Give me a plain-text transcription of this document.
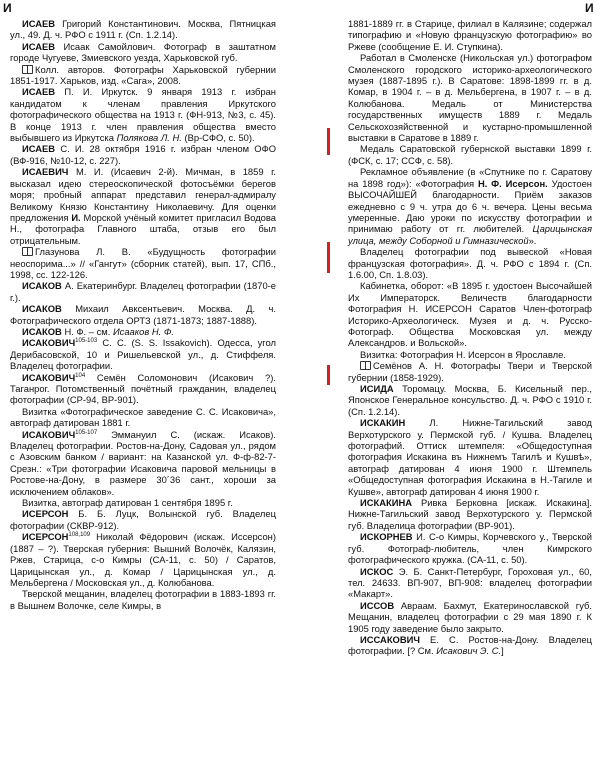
И	И

ИСАЕВ Григорий Константинович. Москва, Пятницкая ул., 49. Д. ч. РФО с 1911 г. (Сп. 1.2.14).

ИСАЕВ Исаак Самойлович. Фотограф в заштатном городе Чугуеве, Змиевского уезда, Харьковской губ.

Колл. авторов. Фотографы Харьковской губернии 1851-1917. Харьков, изд. «Сага», 2008.

ИСАЕВ П. И. Иркутск. 9 января 1913 г. избран кандидатом к членам правления Иркутского фотографического общества на 1913 г. (ФН-913, №3, с. 45). В конце 1913 г. член правления общества вместо выбывшего из Иркутска Полякова Л. Н. (Вр-СФО, с. 50).

ИСАЕВ С. И. 28 октября 1916 г. избран членом ОФО (ВФ-916, №10-12, с. 227).

ИСАЕВИЧ М. И. (Исаевич 2-й). Мичман, в 1859 г. высказал идею стереоскопической фотосъёмки берегов моря; пробный аппарат представил генерал-адмиралу Великому Князю Константину Николаевичу. Для оценки предложения И. Морской учёный комитет пригласил Водова Н., фотографа Главного штаба, отзыв его был отрицательным.

Глазунова Л. В. «Будущность фотографии неоспорима...» // «Гангут» (сборник статей), вып. 17, СПб., 1998, сс. 122-126.

ИСАКОВ А. Екатеринбург. Владелец фотографии (1870-е г.).

ИСАКОВ Михаил Авксентьевич. Москва. Д. ч. Фотографического отдела ОРТЗ (1871-1873; 1887-1888).

ИСАКОВ Н. Ф. – см. Исааков Н. Ф.

ИСАКОВИЧ$^{105-103}$ С. С. (S. S. Issakovich). Одесса, угол Дерибасовской, 10 и Ришельевской ул., д. Стиффеля. Владелец фотографии.

ИСАКОВИЧ$^{104}$ Семён Соломонович (Исакович ?). Таганрог. Потомственный почётный гражданин, владелец фотографии (СР-94, ВР-901).

Визитка «Фотографическое заведение С. С. Исаковича», автограф датирован 1881 г.

ИСАКОВИЧ$^{105-107}$ Эммануил С. (искаж. Исаков). Владелец фотографии. Ростов-на-Дону, Садовая ул., рядом с Азовским банком / вариант: на Казанской ул. Ф-ф-82-7-Срезн.: «Три фотографии Исаковича паровой мельницы в Ростове-на-Дону, в размере 30´36 сант., хороши за исключением облаков».

Визитка, автограф датирован 1 сентября 1895 г.

ИСЕРСОН Б. Б. Луцк, Волынской губ. Владелец фотографии (СКВР-912).

ИСЕРСОН$^{108,109}$ Николай Фёдорович (искаж. Иссерсон) (1887 – ?). Тверская губерния: Вышний Волочёк, Калязин, Ржев, Старица, с-о Кимры (СА-11, с. 50) / Саратов, Царицынская ул., д. Комар / Царицынская ул., д. Мельбергена / Московская ул., д. Колюбанова.

Тверской мещанин, владелец фотографии в 1883-1893 гг. в Вышнем Волочке, селе Кимры, в

1881-1889 гг. в Старице, филиал в Калязине; содержал типографию и «Новую французскую фотографию» во Ржеве (сообщение Е. И. Ступкина).

Работал в Смоленске (Никольская ул.) фотографом Смоленского городского историко-археологического музея (1887-1895 г.). В Саратове: 1898-1899 гг. в д. Комар, в 1904 г. – в д. Мельбергена, в 1907 г. – в д. Колюбанова. Медаль от Министерства государственных имуществ 1889 г. Медаль Сельскохозяйственной и кустарно-промышленной выставки в Саратове в 1889 г.

Медаль Саратовской губернской выставки 1899 г. (ФСК, с. 17; ССФ, с. 58).

Рекламное объявление (в «Спутнике по г. Саратову на 1898 год»): «Фотография Н. Ф. Исерсон. Удостоен ВЫСОЧАЙШЕЙ благодарности. Приём заказов ежедневно с 9 ч. утра до 6 ч. вечера. Цены весьма умеренные. Даю уроки по искусству фотографии и принимаю работу от гг. любителей. Царицынская улица, между Соборной и Гимназической».

Владелец фотографии под вывеской «Новая французская фотография». Д. ч. РФО с 1894 г. (Сп. 1.6.00, Сп. 1.8.03).

Кабинетка, оборот: «В 1895 г. удостоен Высочайшей Их Императорск. Величеств благодарности Фотография Н. ИСЕРСОН Саратов Член-фотограф Историко-Археологическ. Музея и д. ч. Русско-Фотограф. Общества Московская ул. между Александров. и Вольской».

Визитка: Фотография Н. Исерсон в Ярославле.

Семёнов А. Н. Фотографы Твери и Тверской губернии (1858-1929).

ИСИДА Торомацу. Москва, Б. Кисельный пер., Японское Генеральное консульство. Д. ч. РФО с 1910 г. (Сп. 1.2.14).

ИСКАКИН Л. Нижне-Тагильский завод Верхотурского у. Пермской губ. / Кушва. Владелец фотографий. Оттиск штемпеля: «Общедоступная фотография Искакина въ Нижнемъ Тагилѣ и Кушвѣ», автограф датирован 4 июня 1900 г. Штемпель «Общедоступная фотография Искакина в Н.-Тагиле и Кушве», автограф датирован 4 июня 1900 г.

ИСКАКИНА Ривка Берковна [искаж. Искакина]. Нижне-Тагильский завод Верхотурского у. Пермской губ. Владелица фотографии (ВР-901).

ИСКОРНЕВ И. С-о Кимры, Корчевского у., Тверской губ. Фотограф-любитель, член Кимрского фотографического кружка. (СА-11, с. 50).

ИСКОС Э. Б. Санкт-Петербург, Гороховая ул., 60, тел. 24633. ВП-907, ВП-908: владелец фотографии «Макарт».

ИССОВ Авраам. Бахмут, Екатеринославской губ. Мещанин, владелец фотографии с 29 мая 1890 г. К 1905 году заведение было закрыто.

ИССАКОВИЧ Е. С. Ростов-на-Дону. Владелец фотографии. [? См. Исакович Э. С.]
